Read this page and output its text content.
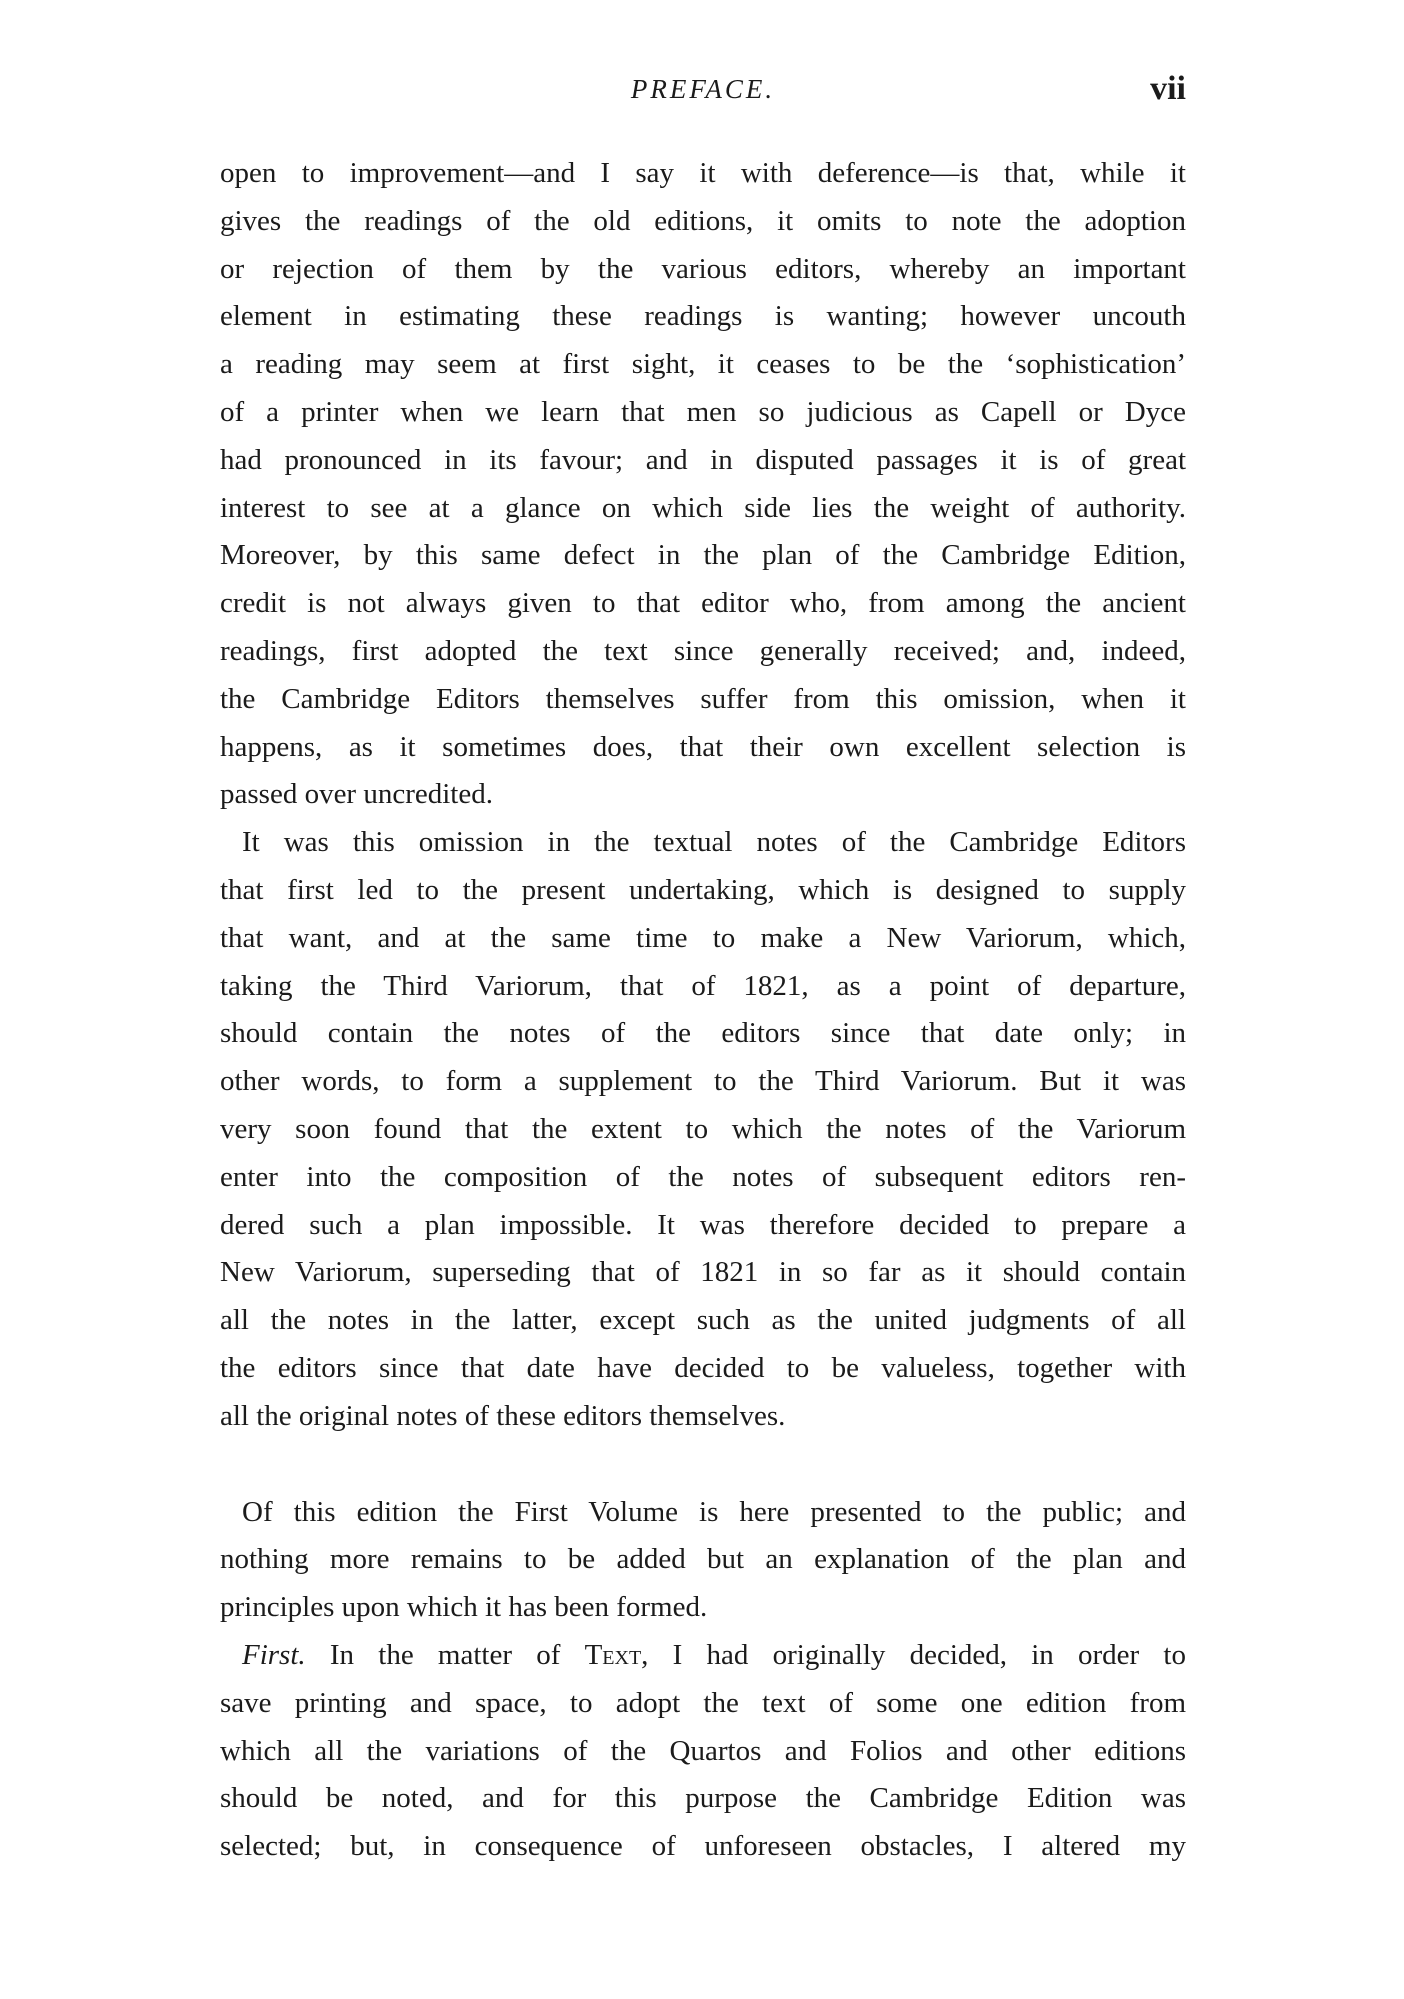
PREFACE.	vii

open to improvement—and I say it with deference—is that, while it

gives the readings of the old editions, it omits to note the adoption

or rejection of them by the various editors, whereby an important

element in estimating these readings is wanting; however uncouth

a reading may seem at first sight, it ceases to be the ‘sophistication’

of a printer when we learn that men so judicious as Capell or Dyce

had pronounced in its favour; and in disputed passages it is of great

interest to see at a glance on which side lies the weight of authority.

Moreover, by this same defect in the plan of the Cambridge Edition,

credit is not always given to that editor who, from among the ancient

readings, first adopted the text since generally received; and, indeed,

the Cambridge Editors themselves suffer from this omission, when it

happens, as it sometimes does, that their own excellent selection is

passed over uncredited.

It was this omission in the textual notes of the Cambridge Editors

that first led to the present undertaking, which is designed to supply

that want, and at the same time to make a New Variorum, which,

taking the Third Variorum, that of 1821, as a point of departure,

should contain the notes of the editors since that date only; in

other words, to form a supplement to the Third Variorum. But it was

very soon found that the extent to which the notes of the Variorum

enter into the composition of the notes of subsequent editors ren-

dered such a plan impossible. It was therefore decided to prepare a

New Variorum, superseding that of 1821 in so far as it should contain

all the notes in the latter, except such as the united judgments of all

the editors since that date have decided to be valueless, together with

all the original notes of these editors themselves.

Of this edition the First Volume is here presented to the public; and

nothing more remains to be added but an explanation of the plan and

principles upon which it has been formed.

First. In the matter of Text, I had originally decided, in order to

save printing and space, to adopt the text of some one edition from

which all the variations of the Quartos and Folios and other editions

should be noted, and for this purpose the Cambridge Edition was

selected; but, in consequence of unforeseen obstacles, I altered my
